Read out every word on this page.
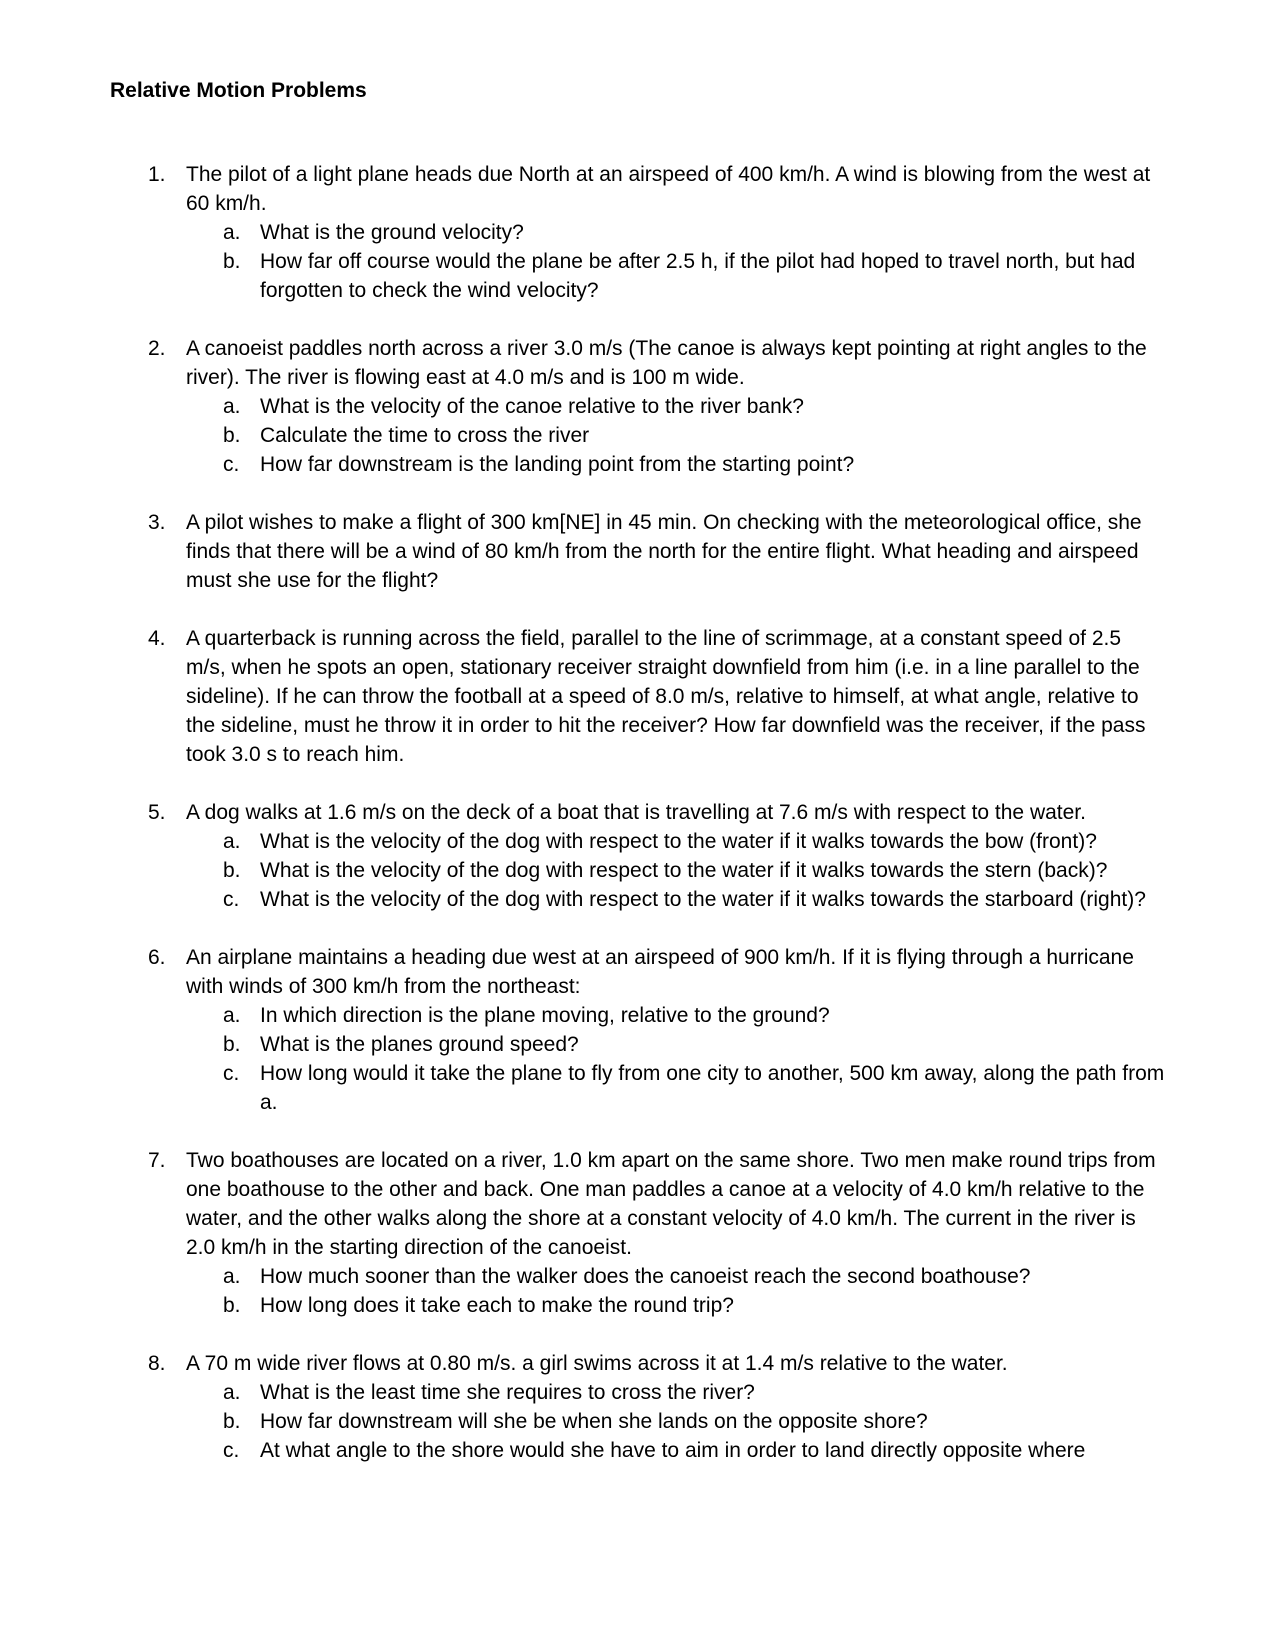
Relative Motion Problems
1. The pilot of a light plane heads due North at an airspeed of 400 km/h. A wind is blowing from the west at 60 km/h.
a. What is the ground velocity?
b. How far off course would the plane be after 2.5 h, if the pilot had hoped to travel north, but had forgotten to check the wind velocity?
2. A canoeist paddles north across a river 3.0 m/s (The canoe is always kept pointing at right angles to the river). The river is flowing east at 4.0 m/s and is 100 m wide.
a. What is the velocity of the canoe relative to the river bank?
b. Calculate the time to cross the river
c. How far downstream is the landing point from the starting point?
3. A pilot wishes to make a flight of 300 km[NE] in 45 min. On checking with the meteorological office, she finds that there will be a wind of 80 km/h from the north for the entire flight. What heading and airspeed must she use for the flight?
4. A quarterback is running across the field, parallel to the line of scrimmage, at a constant speed of 2.5 m/s, when he spots an open, stationary receiver straight downfield from him (i.e. in a line parallel to the sideline). If he can throw the football at a speed of 8.0 m/s, relative to himself, at what angle, relative to the sideline, must he throw it in order to hit the receiver? How far downfield was the receiver, if the pass took 3.0 s to reach him.
5. A dog walks at 1.6 m/s on the deck of a boat that is travelling at 7.6 m/s with respect to the water.
a. What is the velocity of the dog with respect to the water if it walks towards the bow (front)?
b. What is the velocity of the dog with respect to the water if it walks towards the stern (back)?
c. What is the velocity of the dog with respect to the water if it walks towards the starboard (right)?
6. An airplane maintains a heading due west at an airspeed of 900 km/h. If it is flying through a hurricane with winds of 300 km/h from the northeast:
a. In which direction is the plane moving, relative to the ground?
b. What is the planes ground speed?
c. How long would it take the plane to fly from one city to another, 500 km away, along the path from a.
7. Two boathouses are located on a river, 1.0 km apart on the same shore. Two men make round trips from one boathouse to the other and back. One man paddles a canoe at a velocity of 4.0 km/h relative to the water, and the other walks along the shore at a constant velocity of 4.0 km/h. The current in the river is 2.0 km/h in the starting direction of the canoeist.
a. How much sooner than the walker does the canoeist reach the second boathouse?
b. How long does it take each to make the round trip?
8. A 70 m wide river flows at 0.80 m/s. a girl swims across it at 1.4 m/s relative to the water.
a. What is the least time she requires to cross the river?
b. How far downstream will she be when she lands on the opposite shore?
c. At what angle to the shore would she have to aim in order to land directly opposite where
